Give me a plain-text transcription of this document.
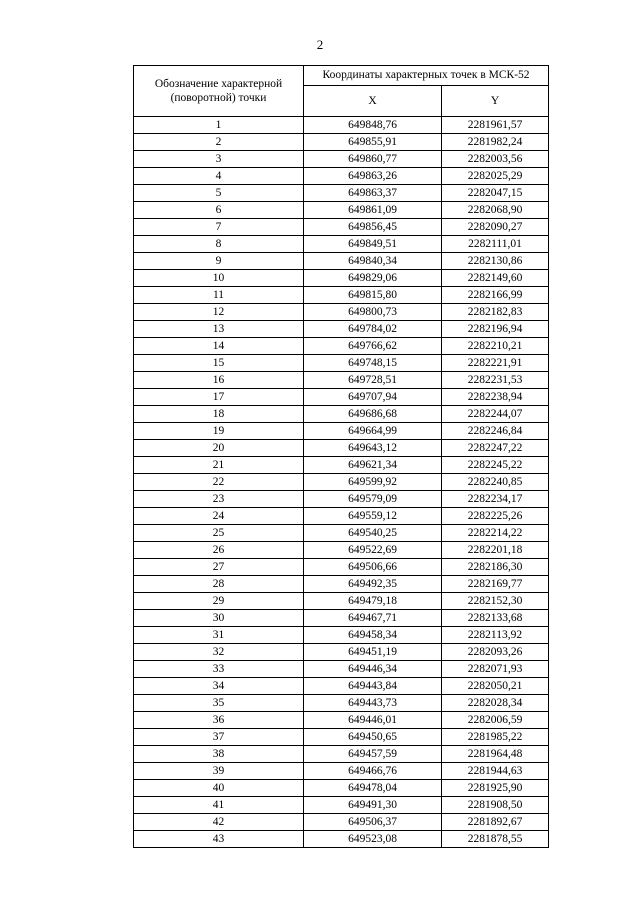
2
Обозначение характерной (поворотной) точки	Координаты характерных точек в МСК-52	
	X	Y
1	649848,76	2281961,57
2	649855,91	2281982,24
3	649860,77	2282003,56
4	649863,26	2282025,29
5	649863,37	2282047,15
6	649861,09	2282068,90
7	649856,45	2282090,27
8	649849,51	2282111,01
9	649840,34	2282130,86
10	649829,06	2282149,60
11	649815,80	2282166,99
12	649800,73	2282182,83
13	649784,02	2282196,94
14	649766,62	2282210,21
15	649748,15	2282221,91
16	649728,51	2282231,53
17	649707,94	2282238,94
18	649686,68	2282244,07
19	649664,99	2282246,84
20	649643,12	2282247,22
21	649621,34	2282245,22
22	649599,92	2282240,85
23	649579,09	2282234,17
24	649559,12	2282225,26
25	649540,25	2282214,22
26	649522,69	2282201,18
27	649506,66	2282186,30
28	649492,35	2282169,77
29	649479,18	2282152,30
30	649467,71	2282133,68
31	649458,34	2282113,92
32	649451,19	2282093,26
33	649446,34	2282071,93
34	649443,84	2282050,21
35	649443,73	2282028,34
36	649446,01	2282006,59
37	649450,65	2281985,22
38	649457,59	2281964,48
39	649466,76	2281944,63
40	649478,04	2281925,90
41	649491,30	2281908,50
42	649506,37	2281892,67
43	649523,08	2281878,55
